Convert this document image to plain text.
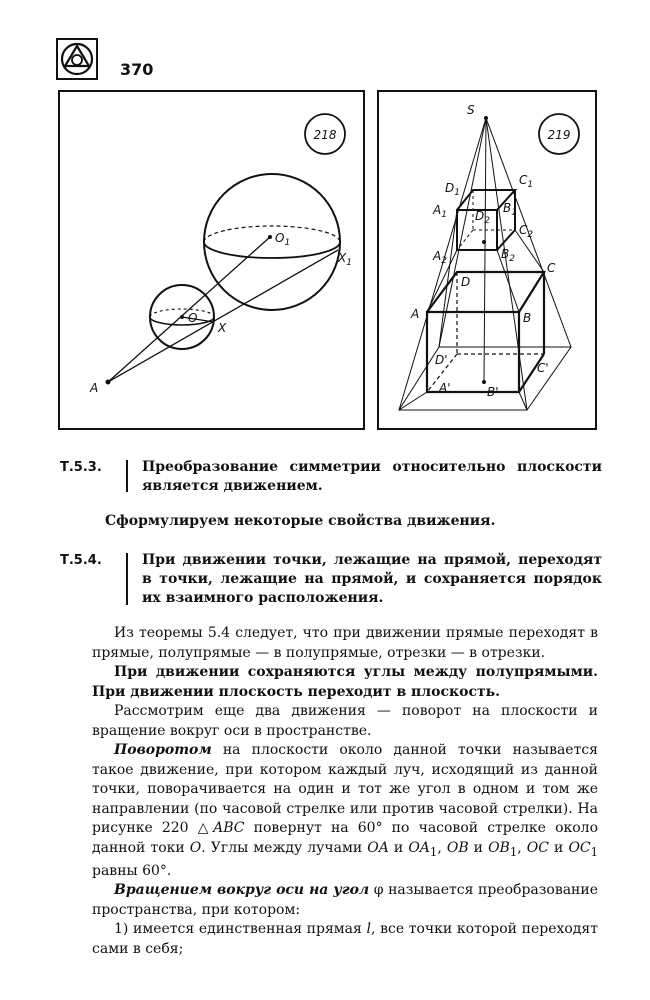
370
218
$O_1$
$X_1$
O
X
A
219
S
$D_1$
$C_1$
$A_1$ $D_2$
$B_1$
$C_2$
$A_2$	$B_2$
D
C
A	B
D'
C'
A'	B'
Т.5.3.	Преобразование симметрии относительно плоскости является движением.
Сформулируем некоторые свойства движения.
Т.5.4.	При движении точки, лежащие на прямой, переходят в точки, лежащие на прямой, и сохраняется порядок их взаимного расположения.

Из теоремы 5.4 следует, что при движении прямые переходят в прямые, полупрямые — в полупрямые, отрезки — в отрезки.

При движении сохраняются углы между полупрямыми. При движении плоскость переходит в плоскость.

Рассмотрим еще два движения — поворот на плоскости и вращение вокруг оси в пространстве.

Поворотом на плоскости около данной точки называется такое движение, при котором каждый луч, исходящий из данной точки, поворачивается на один и тот же угол в одном и том же направлении (по часовой стрелке или против часовой стрелки). На рисунке 220 △ABC повернут на 60° по часовой стрелке около данной токи O. Углы между лучами OA и $OA_1$, OB и $OB_1$, OC и $OC_1$ равны 60°.

Вращением вокруг оси на угол φ называется преобразование пространства, при котором:

1) имеется единственная прямая l, все точки которой переходят сами в себя;
